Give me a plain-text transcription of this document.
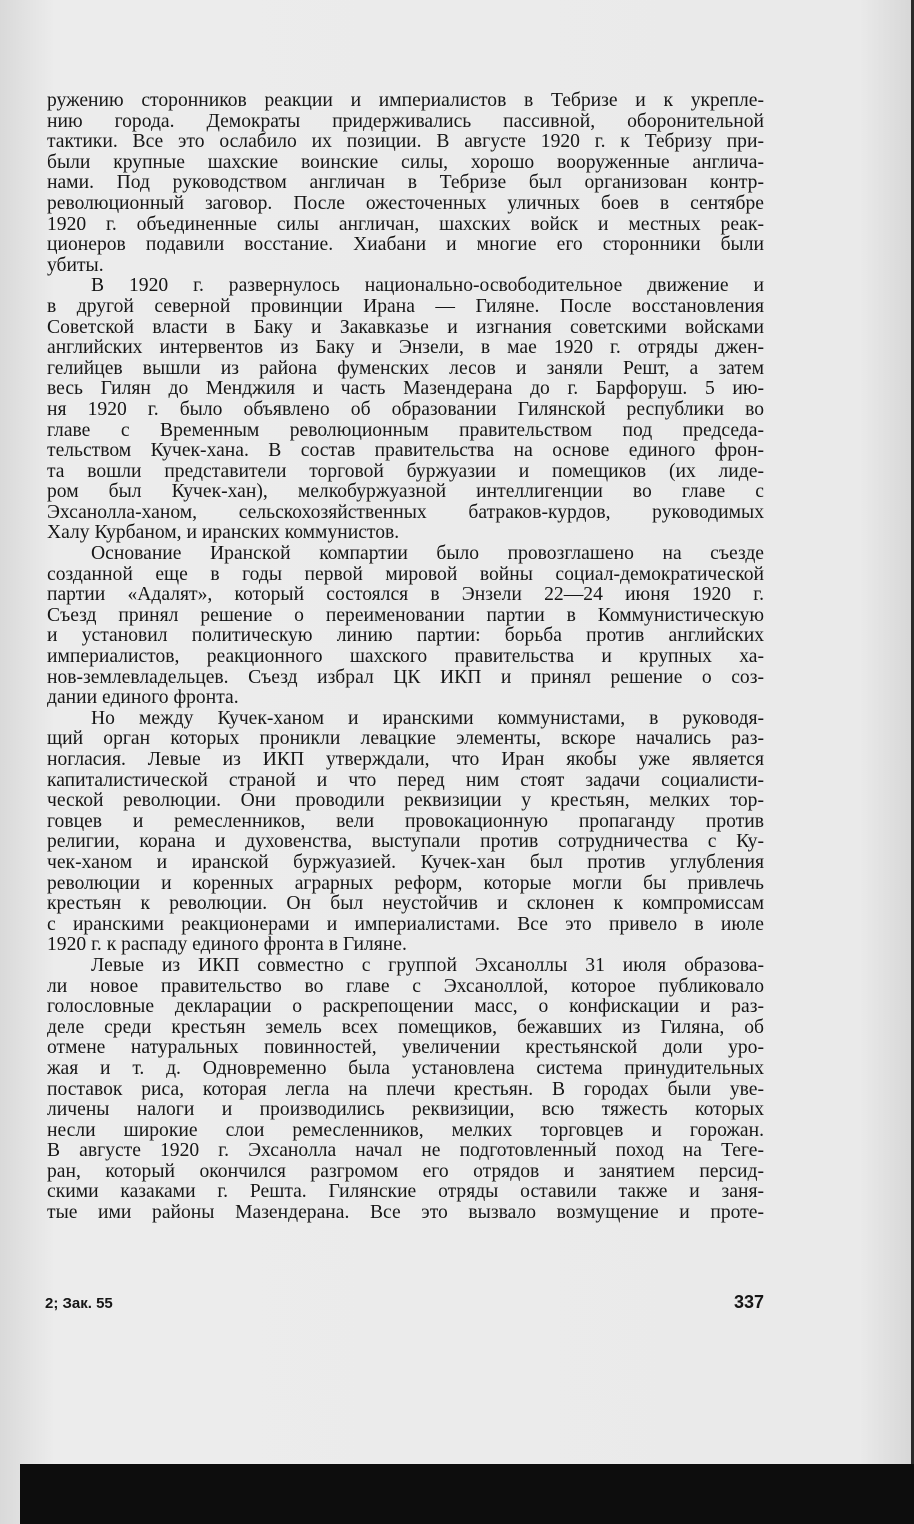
ружению сторонников реакции и империалистов в Тебризе и к укрепле-
нию города. Демократы придерживались пассивной, оборонительной
тактики. Все это ослабило их позиции. В августе 1920 г. к Тебризу при-
были крупные шахские воинские силы, хорошо вооруженные англича-
нами. Под руководством англичан в Тебризе был организован контр-
революционный заговор. После ожесточенных уличных боев в сентябре
1920 г. объединенные силы англичан, шахских войск и местных реак-
ционеров подавили восстание. Хиабани и многие его сторонники были
убиты.
В 1920 г. развернулось национально-освободительное движение и
в другой северной провинции Ирана — Гиляне. После восстановления
Советской власти в Баку и Закавказье и изгнания советскими войсками
английских интервентов из Баку и Энзели, в мае 1920 г. отряды джен-
гелийцев вышли из района фуменских лесов и заняли Решт, а затем
весь Гилян до Менджиля и часть Мазендерана до г. Барфоруш. 5 ию-
ня 1920 г. было объявлено об образовании Гилянской республики во
главе с Временным революционным правительством под председа-
тельством Кучек-хана. В состав правительства на основе единого фрон-
та вошли представители торговой буржуазии и помещиков (их лиде-
ром был Кучек-хан), мелкобуржуазной интеллигенции во главе с
Эхсанолла-ханом, сельскохозяйственных батраков-курдов, руководимых
Халу Курбаном, и иранских коммунистов.
Основание Иранской компартии было провозглашено на съезде
созданной еще в годы первой мировой войны социал-демократической
партии «Адалят», который состоялся в Энзели 22—24 июня 1920 г.
Съезд принял решение о переименовании партии в Коммунистическую
и установил политическую линию партии: борьба против английских
империалистов, реакционного шахского правительства и крупных ха-
нов-землевладельцев. Съезд избрал ЦК ИКП и принял решение о соз-
дании единого фронта.
Но между Кучек-ханом и иранскими коммунистами, в руководя-
щий орган которых проникли левацкие элементы, вскоре начались раз-
ногласия. Левые из ИКП утверждали, что Иран якобы уже является
капиталистической страной и что перед ним стоят задачи социалисти-
ческой революции. Они проводили реквизиции у крестьян, мелких тор-
говцев и ремесленников, вели провокационную пропаганду против
религии, корана и духовенства, выступали против сотрудничества с Ку-
чек-ханом и иранской буржуазией. Кучек-хан был против углубления
революции и коренных аграрных реформ, которые могли бы привлечь
крестьян к революции. Он был неустойчив и склонен к компромиссам
с иранскими реакционерами и империалистами. Все это привело в июле
1920 г. к распаду единого фронта в Гиляне.
Левые из ИКП совместно с группой Эхсаноллы 31 июля образова-
ли новое правительство во главе с Эхсаноллой, которое публиковало
голословные декларации о раскрепощении масс, о конфискации и раз-
деле среди крестьян земель всех помещиков, бежавших из Гиляна, об
отмене натуральных повинностей, увеличении крестьянской доли уро-
жая и т. д. Одновременно была установлена система принудительных
поставок риса, которая легла на плечи крестьян. В городах были уве-
личены налоги и производились реквизиции, всю тяжесть которых
несли широкие слои ремесленников, мелких торговцев и горожан.
В августе 1920 г. Эхсанолла начал не подготовленный поход на Теге-
ран, который окончился разгромом его отрядов и занятием персид-
скими казаками г. Решта. Гилянские отряды оставили также и заня-
тые ими районы Мазендерана. Все это вызвало возмущение и проте-
2; Зак. 55	337
